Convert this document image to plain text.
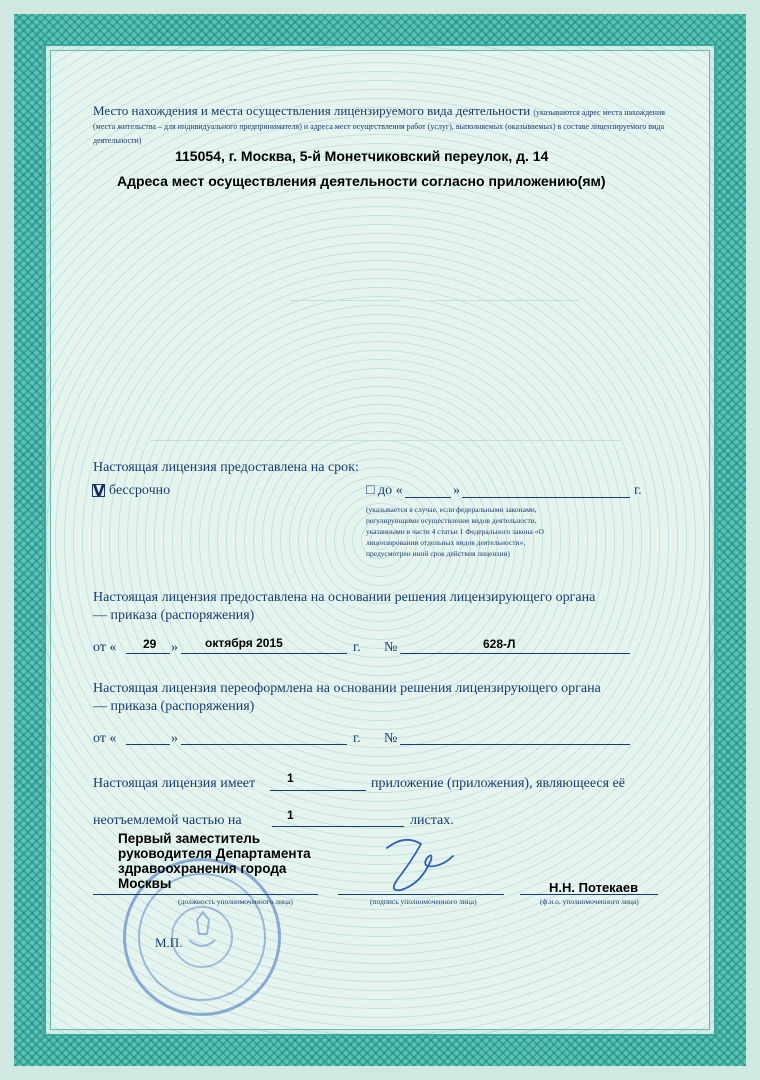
Место нахождения и места осуществления лицензируемого вида деятельности (указываются адрес места нахождения (места жительства – для индивидуального предпринимателя) и адреса мест осуществления работ (услуг), выполняемых (оказываемых) в составе лицензируемого вида деятельности)
115054, г. Москва, 5-й Монетчиковский переулок, д. 14
Адреса мест осуществления деятельности согласно приложению(ям)
Настоящая лицензия предоставлена на срок:
V бессрочно	□ до «	»	г.
(указывается в случае, если федеральными законами, регулирующими осуществление видов деятельности, указанными в части 4 статьи 1 Федерального закона «О лицензировании отдельных видов деятельности», предусмотрен иной срок действия лицензии)
Настоящая лицензия предоставлена на основании решения лицензирующего органа
— приказа (распоряжения)
от « 29 » октября 2015	г. №	628-Л
Настоящая лицензия переоформлена на основании решения лицензирующего органа
— приказа (распоряжения)
от «	»	г. №
Настоящая лицензия имеет	1	приложение (приложения), являющееся её
неотъемлемой частью на	1	листах.
Первый заместитель
руководителя Департамента
здравоохранения города
Москвы
(должность уполномоченного лица)	(подпись уполномоченного лица)
Н.Н. Потекаев
(ф.и.о. уполномоченного лица)
М.П.
